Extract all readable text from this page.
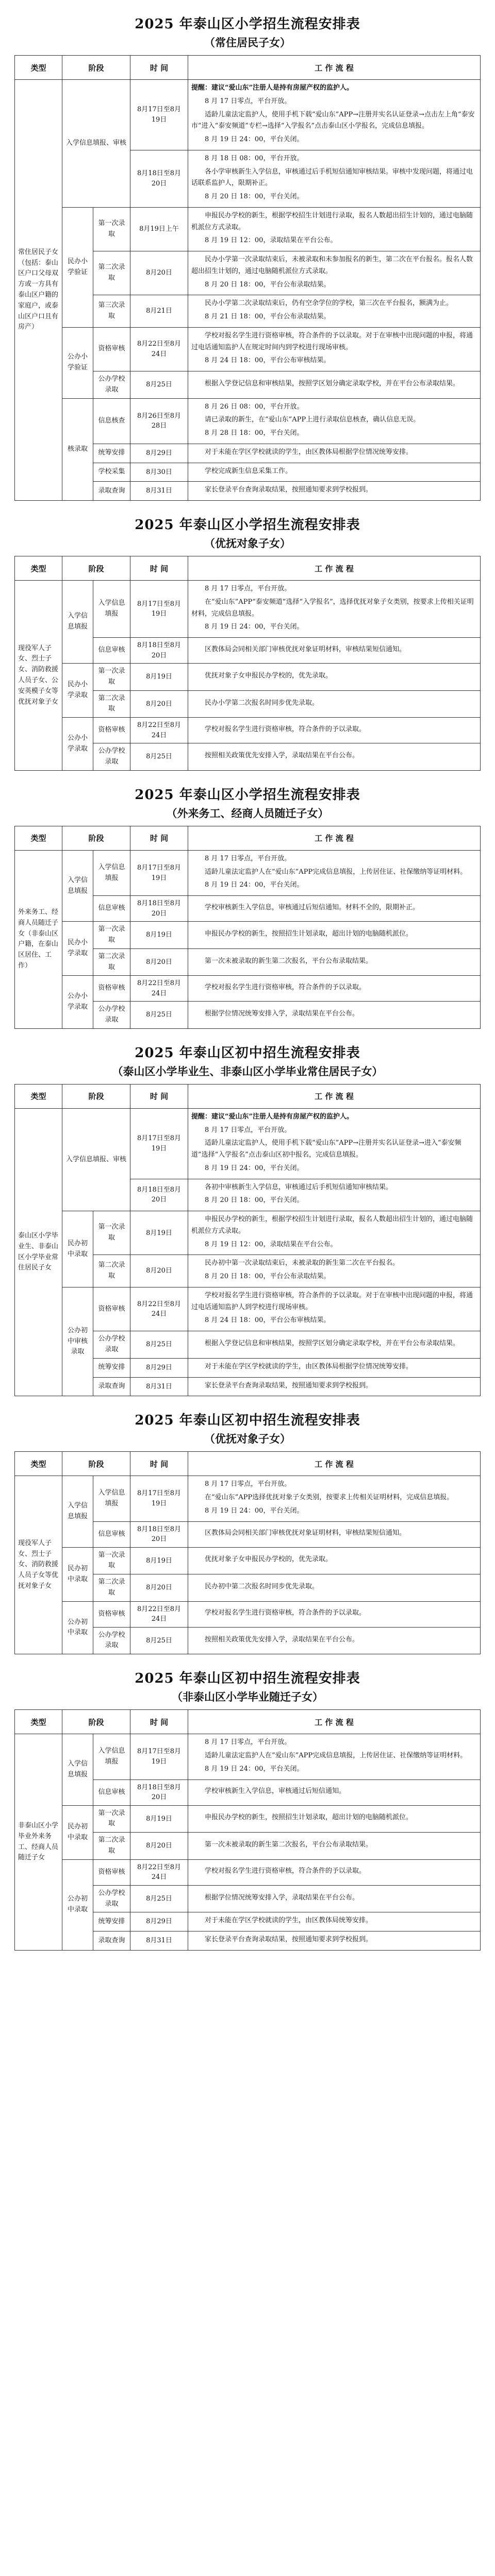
2025 年泰山区小学招生流程安排表
（常住居民子女）
类型	阶段		时 间	工 作 流 程
常住居民子女（包括：泰山区户口父母双方或一方具有泰山区户籍的家庭户，或泰山区户口且有房产）	入学信息填报、审核		8月17日至8月19日	提醒：建议“爱山东”注册人是持有房屋产权的监护人。

8 月 17 日零点，平台开放。

适龄儿童法定监护人，使用手机下载“爱山东”APP→注册并实名认证登录→点击左上角“泰安市”进入“泰安频道”专栏→选择“入学报名”点击泰山区小学报名，完成信息填报。

8 月 19 日 24：00，平台关闭。

			8月18日至8月20日	8 月 18 日 08：00，平台开放。

各小学审核新生入学信息，审核通过后手机短信通知审核结果。审核中发现问题，将通过电话联系监护人，限期补正。

8 月 20 日 18：00，平台关闭。

	民办小学验证	第一次录取	8月19日上午	申报民办学校的新生，根据学校招生计划进行录取，报名人数超出招生计划的，通过电脑随机派位方式录取。

8 月 19 日 12：00，录取结果在平台公布。

		第二次录取	8月20日	民办小学第一次录取结束后，未被录取和未参加报名的新生，第二次在平台报名。报名人数超出招生计划的，通过电脑随机派位方式录取。

8 月 20 日 18：00，平台公布录取结果。

		第三次录取	8月21日	民办小学第二次录取结束后，仍有空余学位的学校，第三次在平台报名，额满为止。

8 月 21 日 18：00，平台公布录取结果。

	公办小学验证	资格审核	8月22日至8月24日	学校对报名学生进行资格审核，符合条件的予以录取。对于在审核中出现问题的申报，将通过电话通知监护人在规定时间内到学校进行现场审核。

8 月 24 日 18：00，平台公布审核结果。

		公办学校录取	8月25日	根据入学登记信息和审核结果，按照学区划分确定录取学校，并在平台公布录取结果。

	核录取	信息核查	8月26日至8月28日	8 月 26 日 08：00，平台开放。

请已录取的新生，在“爱山东”APP上进行录取信息核查，确认信息无误。

8 月 28 日 18：00，平台关闭。

		统筹安排	8月29日	对于未能在学区学校就读的学生，由区教体局根据学位情况统筹安排。

		学校采集	8月30日	学校完成新生信息采集工作。

		录取查询	8月31日	家长登录平台查询录取结果，按照通知要求到学校报到。

2025 年泰山区小学招生流程安排表
（优抚对象子女）
类型	阶段		时 间	工 作 流 程
现役军人子女、烈士子女、消防救援人员子女、公安英模子女等优抚对象子女	入学信息填报	入学信息填报	8月17日至8月19日	8 月 17 日零点，平台开放。

在“爱山东”APP“泰安频道”选择“入学报名”，选择优抚对象子女类别，按要求上传相关证明材料，完成信息填报。

8 月 19 日 24：00，平台关闭。

		信息审核	8月18日至8月20日	区教体局会同相关部门审核优抚对象证明材料，审核结果短信通知。

	民办小学录取	第一次录取	8月19日	优抚对象子女申报民办学校的，优先录取。

		第二次录取	8月20日	民办小学第二次报名时同步优先录取。

	公办小学录取	资格审核	8月22日至8月24日	学校对报名学生进行资格审核，符合条件的予以录取。

		公办学校录取	8月25日	按照相关政策优先安排入学，录取结果在平台公布。

2025 年泰山区小学招生流程安排表
（外来务工、经商人员随迁子女）
类型	阶段		时 间	工 作 流 程
外来务工、经商人员随迁子女（非泰山区户籍，在泰山区居住、工作）	入学信息填报	入学信息填报	8月17日至8月19日	8 月 17 日零点，平台开放。

适龄儿童法定监护人在“爱山东”APP完成信息填报，上传居住证、社保缴纳等证明材料。

8 月 19 日 24：00，平台关闭。

		信息审核	8月18日至8月20日	学校审核新生入学信息，审核通过后短信通知。材料不全的，限期补正。

	民办小学录取	第一次录取	8月19日	申报民办学校的新生，按照招生计划录取，超出计划的电脑随机派位。

		第二次录取	8月20日	第一次未被录取的新生第二次报名，平台公布录取结果。

	公办小学录取	资格审核	8月22日至8月24日	学校对报名学生进行资格审核，符合条件的予以录取。

		公办学校录取	8月25日	根据学位情况统筹安排入学，录取结果在平台公布。

2025 年泰山区初中招生流程安排表
（泰山区小学毕业生、非泰山区小学毕业常住居民子女）
类型	阶段		时 间	工 作 流 程
泰山区小学毕业生、非泰山区小学毕业常住居民子女	入学信息填报、审核		8月17日至8月19日	提醒：建议“爱山东”注册人是持有房屋产权的监护人。

8 月 17 日零点，平台开放。

适龄儿童法定监护人，使用手机下载“爱山东”APP→注册并实名认证登录→进入“泰安频道”选择“入学报名”点击泰山区初中报名，完成信息填报。

8 月 19 日 24：00，平台关闭。

			8月18日至8月20日	各初中审核新生入学信息，审核通过后手机短信通知审核结果。

8 月 20 日 18：00，平台关闭。

	民办初中录取	第一次录取	8月19日	申报民办学校的新生，根据学校招生计划进行录取，报名人数超出招生计划的，通过电脑随机派位方式录取。

8 月 19 日 12：00，录取结果在平台公布。

		第二次录取	8月20日	民办初中第一次录取结束后，未被录取的新生第二次在平台报名。

8 月 20 日 18：00，平台公布录取结果。

	公办初中审核录取	资格审核	8月22日至8月24日	学校对报名学生进行资格审核，符合条件的予以录取。对于在审核中出现问题的申报，将通过电话通知监护人到学校进行现场审核。

8 月 24 日 18：00，平台公布审核结果。

		公办学校录取	8月25日	根据入学登记信息和审核结果，按照学区划分确定录取学校，并在平台公布录取结果。

		统筹安排	8月29日	对于未能在学区学校就读的学生，由区教体局根据学位情况统筹安排。

		录取查询	8月31日	家长登录平台查询录取结果，按照通知要求到学校报到。

2025 年泰山区初中招生流程安排表
（优抚对象子女）
类型	阶段		时 间	工 作 流 程
现役军人子女、烈士子女、消防救援人员子女等优抚对象子女	入学信息填报	入学信息填报	8月17日至8月19日	8 月 17 日零点，平台开放。

在“爱山东”APP选择优抚对象子女类别，按要求上传相关证明材料，完成信息填报。

8 月 19 日 24：00，平台关闭。

		信息审核	8月18日至8月20日	区教体局会同相关部门审核优抚对象证明材料，审核结果短信通知。

	民办初中录取	第一次录取	8月19日	优抚对象子女申报民办学校的，优先录取。

		第二次录取	8月20日	民办初中第二次报名时同步优先录取。

	公办初中录取	资格审核	8月22日至8月24日	学校对报名学生进行资格审核，符合条件的予以录取。

		公办学校录取	8月25日	按照相关政策优先安排入学，录取结果在平台公布。

2025 年泰山区初中招生流程安排表
（非泰山区小学毕业随迁子女）
类型	阶段		时 间	工 作 流 程
非泰山区小学毕业外来务工、经商人员随迁子女	入学信息填报	入学信息填报	8月17日至8月19日	8 月 17 日零点，平台开放。

适龄儿童法定监护人在“爱山东”APP完成信息填报，上传居住证、社保缴纳等证明材料。

8 月 19 日 24：00，平台关闭。

		信息审核	8月18日至8月20日	学校审核新生入学信息，审核通过后短信通知。

	民办初中录取	第一次录取	8月19日	申报民办学校的新生，按照招生计划录取，超出计划的电脑随机派位。

		第二次录取	8月20日	第一次未被录取的新生第二次报名，平台公布录取结果。

	公办初中录取	资格审核	8月22日至8月24日	学校对报名学生进行资格审核，符合条件的予以录取。

		公办学校录取	8月25日	根据学位情况统筹安排入学，录取结果在平台公布。

		统筹安排	8月29日	对于未能在学区学校就读的学生，由区教体局统筹安排。

		录取查询	8月31日	家长登录平台查询录取结果，按照通知要求到学校报到。
